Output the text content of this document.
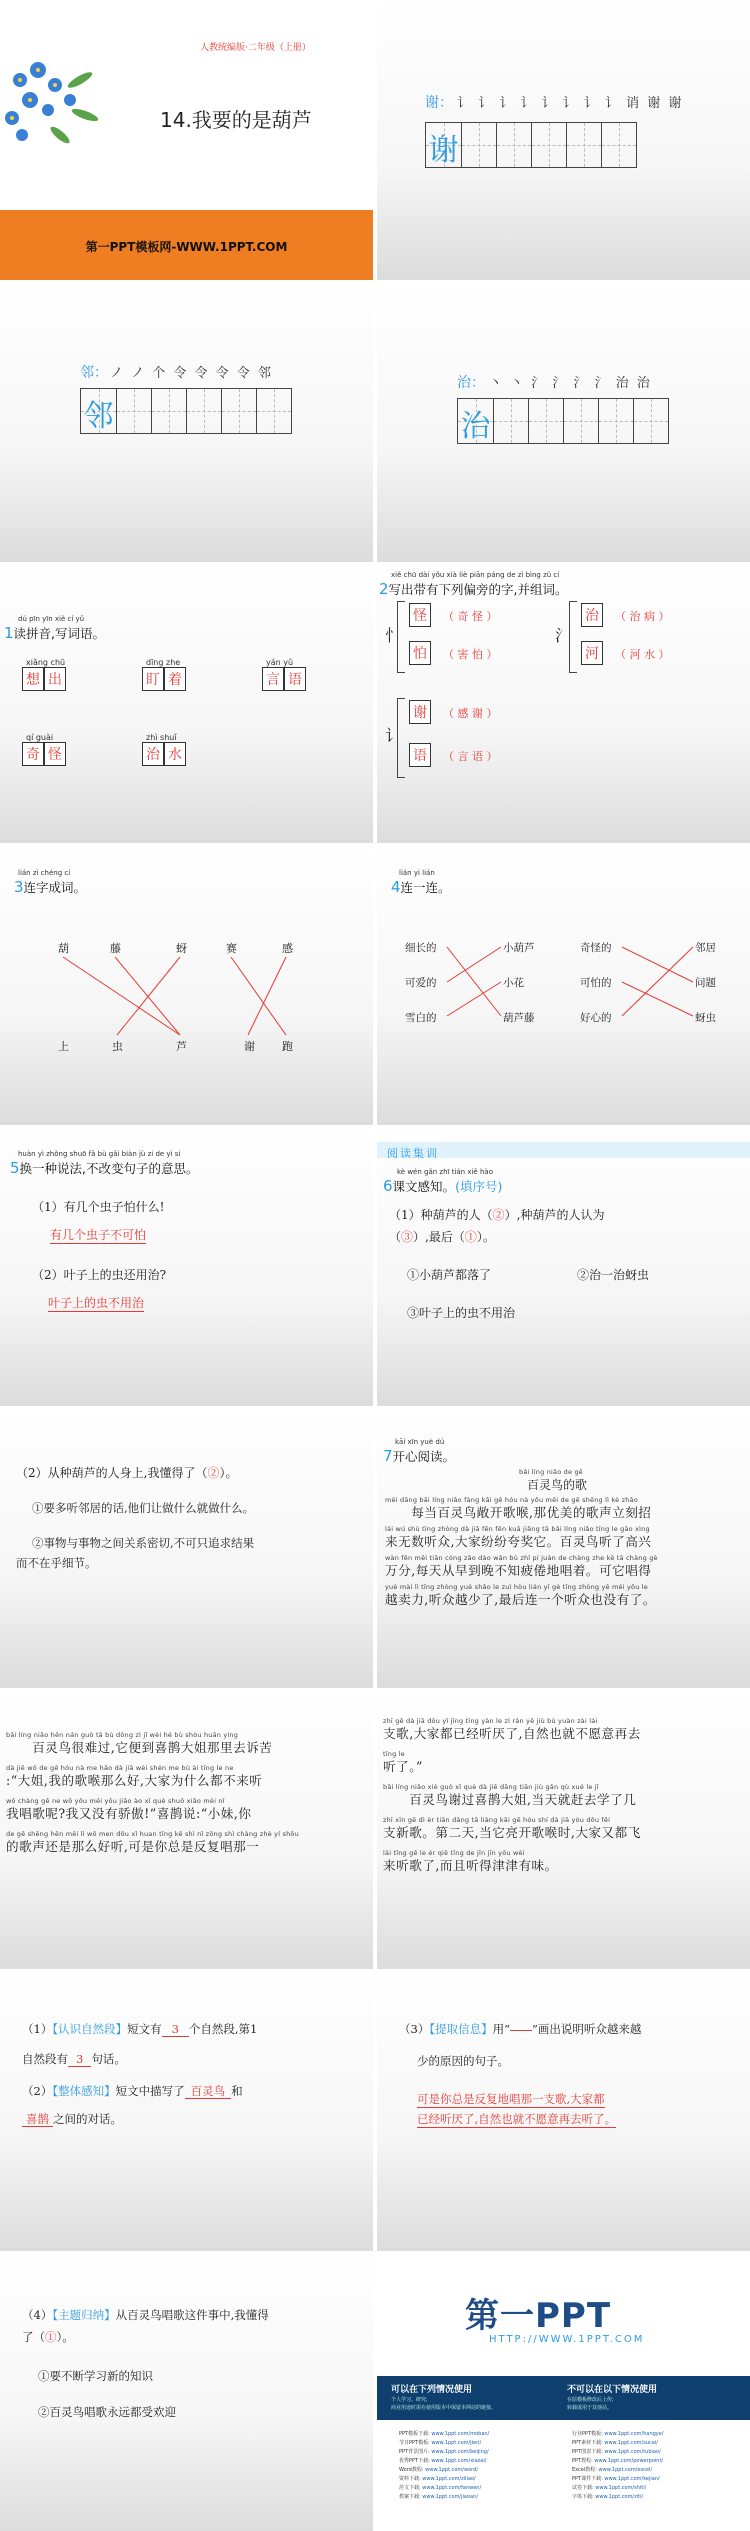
人教统编版·二年级（上册）
14.我要的是葫芦
第一PPT模板网-WWW.1PPT.COM
谢： 讠 讠 讠 讠 讠 讠 讠 讠 诮 谢 谢
谢
邻： ノ ノ 个 令 令 令 令 邻
邻
治： 丶 丶 氵 氵 氵 氵 治 治
治
dú pīn yīn xiě cí yǔ
1读拼音,写词语。
xiǎng chū
想 出
dīng zhe
盯 着
yán yǔ
言 语
qí guài
奇 怪
zhì shuǐ
治 水
xiě chū dài yǒu xià liè piān páng de zì bìng zǔ cí
2写出带有下列偏旁的字,并组词。
忄
怪	（ 奇 怪 ）
怕	（ 害 怕 ）
氵
治	（ 治 病 ）
河	（ 河 水 ）
讠
谢	（ 感 谢 ）
语	（ 言 语 ）
lián zì chéng cí
3连字成词。
葫	藤	蚜	赛	感
上	虫	芦	谢 跑
lián yi lián
4连一连。
细长的
可爱的
雪白的
小葫芦
小花
葫芦藤
奇怪的
可怕的
好心的
邻居
问题
蚜虫
huàn yì zhǒng shuō fǎ bù gǎi biàn jù zi de yì si
5换一种说法,不改变句子的意思。
（1）有几个虫子怕什么!
有几个虫子不可怕
（2）叶子上的虫还用治?
叶子上的虫不用治
阅读集训
kè wén gǎn zhī tián xiě hào
6课文感知。(填序号)
（1）种葫芦的人（②）,种葫芦的人认为
（③）,最后（①）。
①小葫芦都落了	②治一治蚜虫
③叶子上的虫不用治
（2）从种葫芦的人身上,我懂得了（②）。
①要多听邻居的话,他们让做什么就做什么。
②事物与事物之间关系密切,不可只追求结果
而不在乎细节。
kāi xīn yuè dú
7开心阅读。
bǎi líng niǎo de gē
百灵鸟的歌
měi dāng bǎi líng niǎo fàng kāi gē hóu nà yōu měi de gē shēng lì kè zhāo
　　每当百灵鸟敞开歌喉,那优美的歌声立刻招
lái wú shù tīng zhòng dà jiā fēn fēn kuā jiǎng tā bǎi líng niǎo tīng le gāo xìng
来无数听众,大家纷纷夸奖它。百灵鸟听了高兴
wàn fēn měi tiān cóng zǎo dào wǎn bù zhī pí juàn de chàng zhe kě tā chàng gè
万分,每天从早到晚不知疲倦地唱着。可它唱得
yuè mài lì tīng zhòng yuè shǎo le zuì hòu lián yī gè tīng zhòng yě méi yǒu le
越卖力,听众越少了,最后连一个听众也没有了。
bǎi líng niǎo hěn nán guò tā bù dǒng zì jǐ wèi hé bù shòu huān yíng
　　百灵鸟很难过,它便到喜鹊大姐那里去诉苦
dà jiě wǒ de gē hóu nà me hǎo dà jiā wèi shén me bù ài tīng le ne
:“大姐,我的歌喉那么好,大家为什么都不来听
wǒ chàng gē ne wǒ yǒu méi yǒu jiāo ào xǐ què shuō xiǎo mèi nǐ
我唱歌呢?我又没有骄傲!”喜鹊说:“小妹,你
de gē shēng hěn měi lì wǒ men dōu xǐ huan tīng kě shì nǐ zǒng shì chàng zhè yí shǒu
的歌声还是那么好听,可是你总是反复唱那一
zhī gē dà jiā dōu yǐ jīng tīng yàn le zì rán yě jiù bù yuàn zài lái
支歌,大家都已经听厌了,自然也就不愿意再去
tīng le
听了。”
bǎi líng niǎo xiè guò xǐ què dà jiě dāng tiān jiù gǎn qù xué le jǐ
　　百灵鸟谢过喜鹊大姐,当天就赶去学了几
zhī xīn gē dì èr tiān dāng tā liàng kāi gē hóu shí dà jiā yòu dōu fēi
支新歌。第二天,当它亮开歌喉时,大家又都飞
lái tīng gē le ér qiě tīng de jīn jīn yǒu wèi
来听歌了,而且听得津津有味。
（1）【认识自然段】短文有 3 个自然段,第1
自然段有 3 句话。
（2）【整体感知】短文中描写了 百灵鸟 和
喜鹊 之间的对话。
（3）【提取信息】用“ ”画出说明听众越来越
少的原因的句子。
可是你总是反复地唱那一支歌,大家都
已经听厌了,自然也就不愿意再去听了。
（4）【主题归纳】从百灵鸟唱歌这件事中,我懂得
了（①）。
①要不断学习新的知识
②百灵鸟唱歌永远都受欢迎
第一PPT
HTTP://WWW.1PPT.COM
可以在下列情况使用
个人学习、研究;
商业用途时需在使用版本中保留本网站的链接。
不可以在以下情况使用
在原模板修改后上传;
转载或用于其他站。
PPT模板下载: www.1ppt.com/moban/
节日PPT模板: www.1ppt.com/jieri/
PPT背景图片: www.1ppt.com/beijing/
优秀PPT下载: www.1ppt.com/xiazai/
Word教程: www.1ppt.com/word/
资料下载: www.1ppt.com/ziliao/
范文下载: www.1ppt.com/fanwen/
教案下载: www.1ppt.com/jiaoan/
行业PPT模板: www.1ppt.com/hangye/
PPT素材下载: www.1ppt.com/sucai/
PPT图表下载: www.1ppt.com/tubiao/
PPT教程: www.1ppt.com/powerpoint/
Excel教程: www.1ppt.com/excel/
PPT课件下载: www.1ppt.com/kejian/
试卷下载: www.1ppt.com/shiti/
字体下载: www.1ppt.com/ziti/
